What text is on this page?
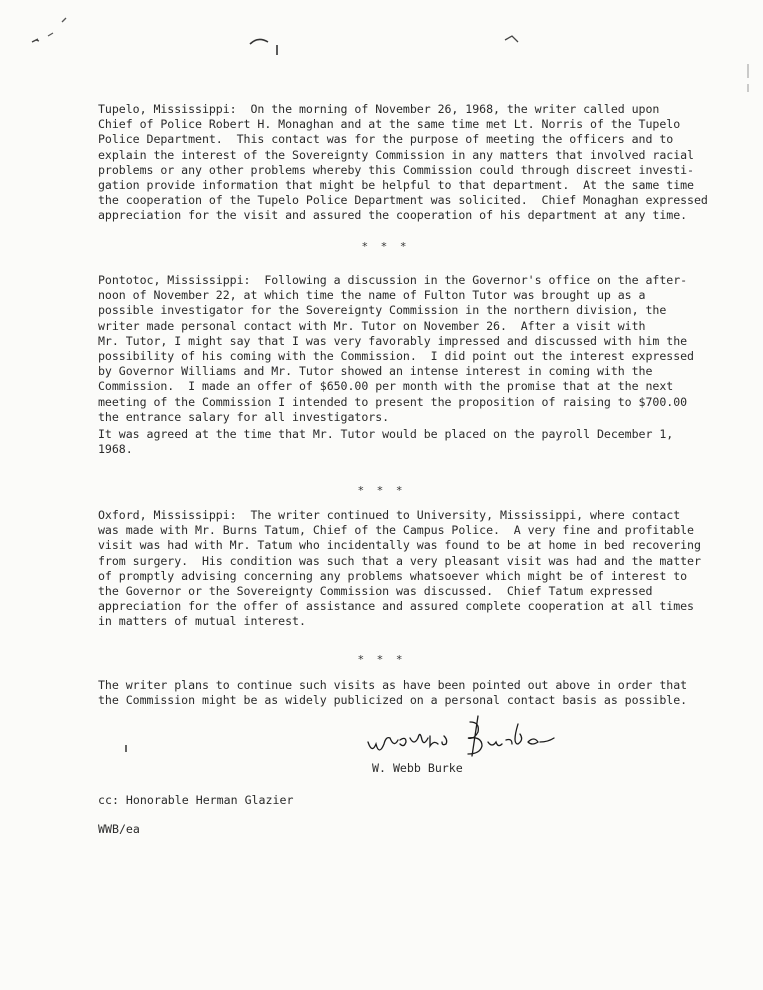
Tupelo, Mississippi:  On the morning of November 26, 1968, the writer called upon
Chief of Police Robert H. Monaghan and at the same time met Lt. Norris of the Tupelo
Police Department.  This contact was for the purpose of meeting the officers and to
explain the interest of the Sovereignty Commission in any matters that involved racial
problems or any other problems whereby this Commission could through discreet investi-
gation provide information that might be helpful to that department.  At the same time
the cooperation of the Tupelo Police Department was solicited.  Chief Monaghan expressed
appreciation for the visit and assured the cooperation of his department at any time.
* * *
Pontotoc, Mississippi:  Following a discussion in the Governor's office on the after-
noon of November 22, at which time the name of Fulton Tutor was brought up as a
possible investigator for the Sovereignty Commission in the northern division, the
writer made personal contact with Mr. Tutor on November 26.  After a visit with
Mr. Tutor, I might say that I was very favorably impressed and discussed with him the
possibility of his coming with the Commission.  I did point out the interest expressed
by Governor Williams and Mr. Tutor showed an intense interest in coming with the
Commission.  I made an offer of $650.00 per month with the promise that at the next
meeting of the Commission I intended to present the proposition of raising to $700.00
the entrance salary for all investigators.
It was agreed at the time that Mr. Tutor would be placed on the payroll December 1,
1968.
* * *
Oxford, Mississippi:  The writer continued to University, Mississippi, where contact
was made with Mr. Burns Tatum, Chief of the Campus Police.  A very fine and profitable
visit was had with Mr. Tatum who incidentally was found to be at home in bed recovering
from surgery.  His condition was such that a very pleasant visit was had and the matter
of promptly advising concerning any problems whatsoever which might be of interest to
the Governor or the Sovereignty Commission was discussed.  Chief Tatum expressed
appreciation for the offer of assistance and assured complete cooperation at all times
in matters of mutual interest.
* * *
The writer plans to continue such visits as have been pointed out above in order that
the Commission might be as widely publicized on a personal contact basis as possible.
W. Webb Burke
cc: Honorable Herman Glazier
WWB/ea
